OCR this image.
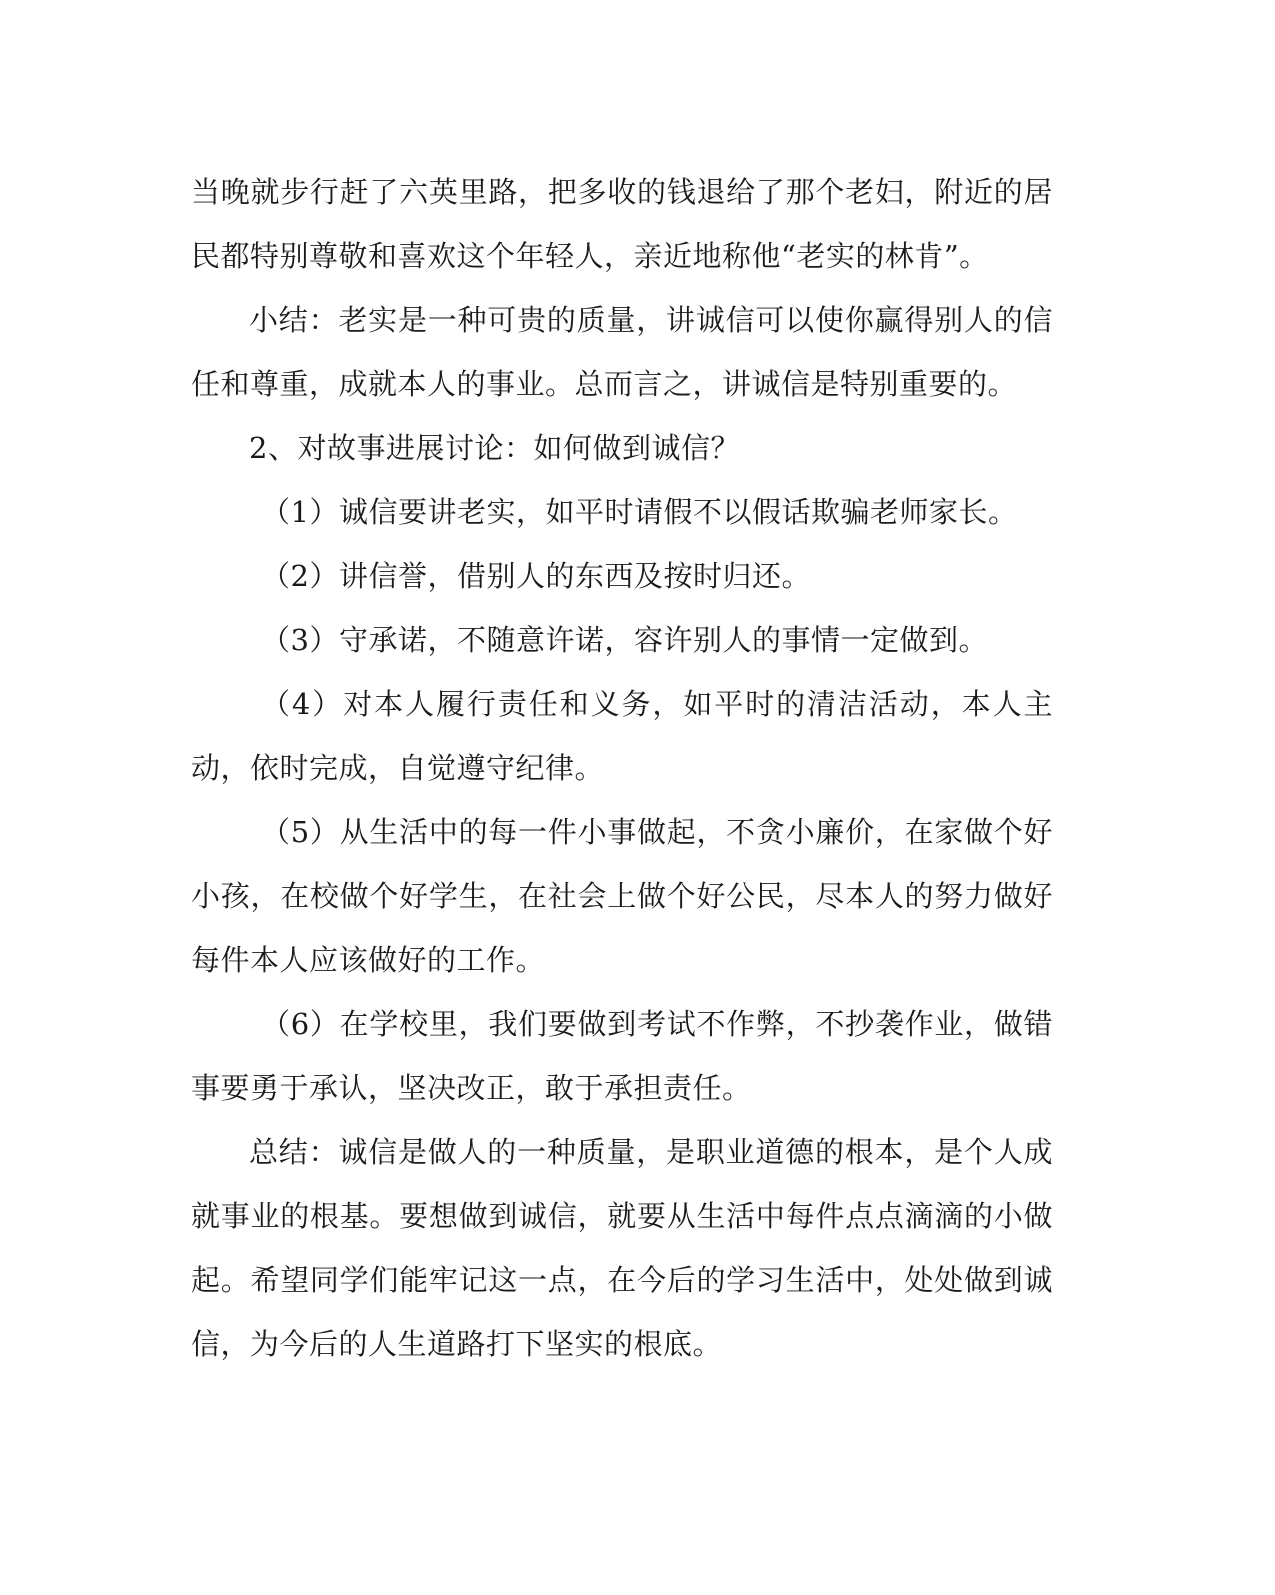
当晚就步行赶了六英里路，把多收的钱退给了那个老妇，附近的居民都特别尊敬和喜欢这个年轻人，亲近地称他“老实的林肯”。

小结：老实是一种可贵的质量，讲诚信可以使你赢得别人的信任和尊重，成就本人的事业。总而言之，讲诚信是特别重要的。

2、对故事进展讨论：如何做到诚信？

（1）诚信要讲老实，如平时请假不以假话欺骗老师家长。

（2）讲信誉，借别人的东西及按时归还。

（3）守承诺，不随意许诺，容许别人的事情一定做到。

（4）对本人履行责任和义务，如平时的清洁活动，本人主动，依时完成，自觉遵守纪律。

（5）从生活中的每一件小事做起，不贪小廉价，在家做个好小孩，在校做个好学生，在社会上做个好公民，尽本人的努力做好每件本人应该做好的工作。

（6）在学校里，我们要做到考试不作弊，不抄袭作业，做错事要勇于承认，坚决改正，敢于承担责任。

总结：诚信是做人的一种质量，是职业道德的根本，是个人成就事业的根基。要想做到诚信，就要从生活中每件点点滴滴的小做起。希望同学们能牢记这一点，在今后的学习生活中，处处做到诚信，为今后的人生道路打下坚实的根底。
